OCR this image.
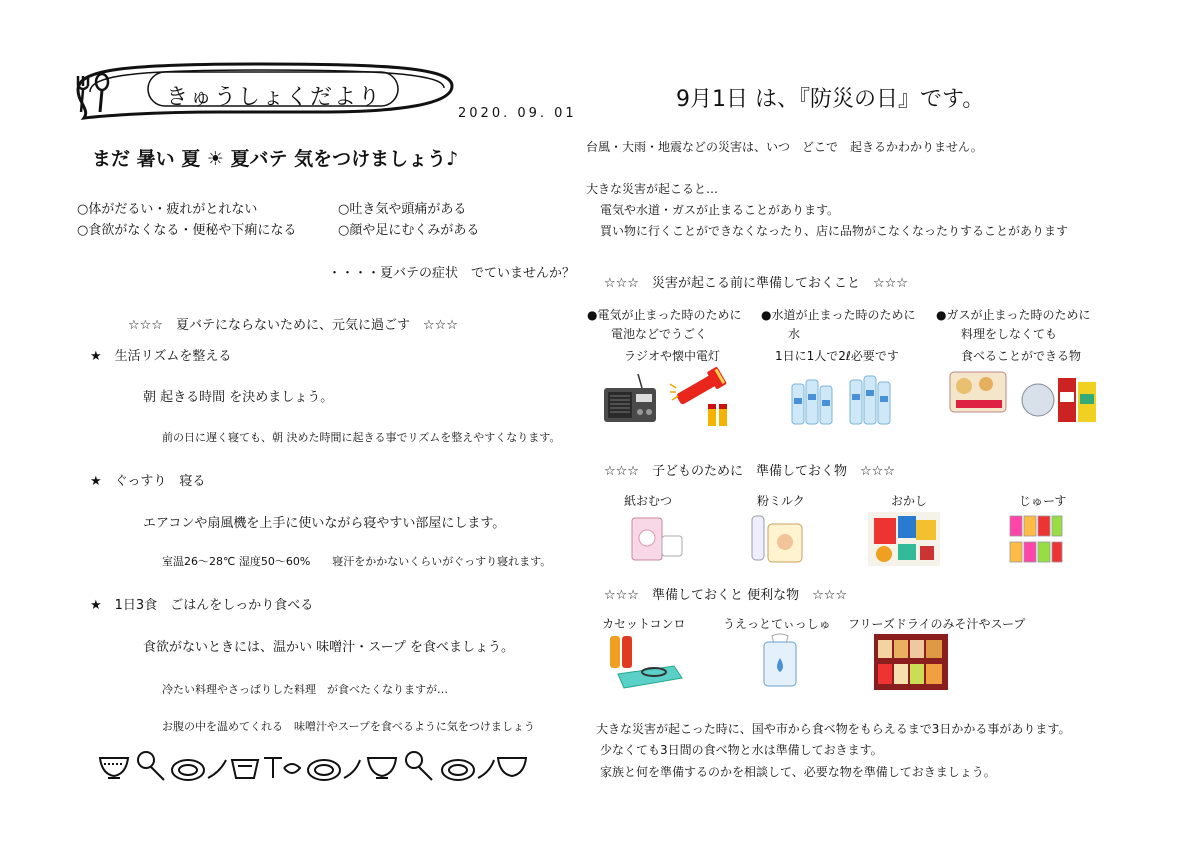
きゅうしょくだより
2020. 09. 01
まだ 暑い 夏 ☀ 夏バテ 気をつけましょう♪
○体がだるい・疲れがとれない	○吐き気や頭痛がある
○食欲がなくなる・便秘や下痢になる	○顔や足にむくみがある
・・・・夏バテの症状　でていませんか？
☆☆☆　夏バテにならないために、元気に過ごす　☆☆☆
★　生活リズムを整える
朝 起きる時間 を決めましょう。
前の日に遅く寝ても、朝 決めた時間に起きる事でリズムを整えやすくなります。
★　ぐっすり　寝る
エアコンや扇風機を上手に使いながら寝やすい部屋にします。
室温26～28℃ 湿度50～60%　　寝汗をかかないくらいがぐっすり寝れます。
★　1日3食　ごはんをしっかり食べる
食欲がないときには、温かい 味噌汁・スープ を食べましょう。
冷たい料理やさっぱりした料理　が食べたくなりますが…
お腹の中を温めてくれる　味噌汁やスープを食べるように気をつけましょう
9月1日 は、『防災の日』です。
台風・大雨・地震などの災害は、いつ　どこで　起きるかわかりません。
大きな災害が起こると…
電気や水道・ガスが止まることがあります。
買い物に行くことができなくなったり、店に品物がこなくなったりすることがあります
☆☆☆　災害が起こる前に準備しておくこと　☆☆☆
●電気が止まった時のために ●水道が止まった時のために ●ガスが止まった時のために
電池などでうごく	水	料理をしなくても
ラジオや懐中電灯	1日に1人で2ℓ必要です	食べることができる物
☆☆☆　子どものために　準備しておく物　☆☆☆
紙おむつ	粉ミルク	おかし	じゅーす
☆☆☆　準備しておくと 便利な物　☆☆☆
カセットコンロ	うえっとてぃっしゅ フリーズドライのみそ汁やスープ
大きな災害が起こった時に、国や市から食べ物をもらえるまで3日かかる事があります。
少なくても3日間の食べ物と水は準備しておきます。
家族と何を準備するのかを相談して、必要な物を準備しておきましょう。
